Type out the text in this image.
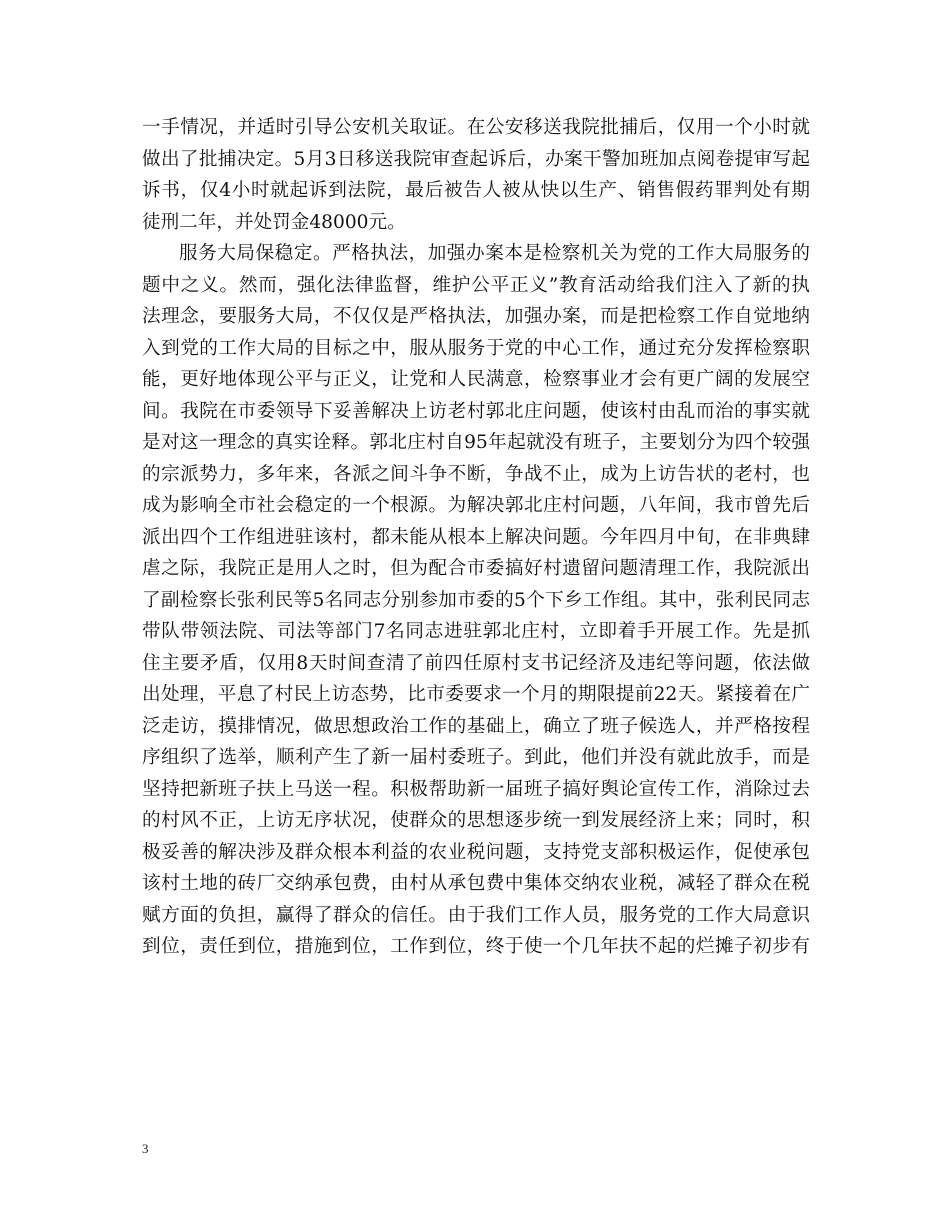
一手情况，并适时引导公安机关取证。在公安移送我院批捕后，仅用一个小时就
做出了批捕决定。5月3日移送我院审查起诉后，办案干警加班加点阅卷提审写起
诉书，仅4小时就起诉到法院，最后被告人被从快以生产、销售假药罪判处有期
徒刑二年，并处罚金48000元。
服务大局保稳定。严格执法，加强办案本是检察机关为党的工作大局服务的
题中之义。然而，强化法律监督，维护公平正义”教育活动给我们注入了新的执
法理念，要服务大局，不仅仅是严格执法，加强办案，而是把检察工作自觉地纳
入到党的工作大局的目标之中，服从服务于党的中心工作，通过充分发挥检察职
能，更好地体现公平与正义，让党和人民满意，检察事业才会有更广阔的发展空
间。我院在市委领导下妥善解决上访老村郭北庄问题，使该村由乱而治的事实就
是对这一理念的真实诠释。郭北庄村自95年起就没有班子，主要划分为四个较强
的宗派势力，多年来，各派之间斗争不断，争战不止，成为上访告状的老村，也
成为影响全市社会稳定的一个根源。为解决郭北庄村问题，八年间，我市曾先后
派出四个工作组进驻该村，都未能从根本上解决问题。今年四月中旬，在非典肆
虐之际，我院正是用人之时，但为配合市委搞好村遗留问题清理工作，我院派出
了副检察长张利民等5名同志分别参加市委的5个下乡工作组。其中，张利民同志
带队带领法院、司法等部门7名同志进驻郭北庄村，立即着手开展工作。先是抓
住主要矛盾，仅用8天时间查清了前四任原村支书记经济及违纪等问题，依法做
出处理，平息了村民上访态势，比市委要求一个月的期限提前22天。紧接着在广
泛走访，摸排情况，做思想政治工作的基础上，确立了班子候选人，并严格按程
序组织了选举，顺利产生了新一届村委班子。到此，他们并没有就此放手，而是
坚持把新班子扶上马送一程。积极帮助新一届班子搞好舆论宣传工作，消除过去
的村风不正，上访无序状况，使群众的思想逐步统一到发展经济上来；同时，积
极妥善的解决涉及群众根本利益的农业税问题，支持党支部积极运作，促使承包
该村土地的砖厂交纳承包费，由村从承包费中集体交纳农业税，减轻了群众在税
赋方面的负担，赢得了群众的信任。由于我们工作人员，服务党的工作大局意识
到位，责任到位，措施到位，工作到位，终于使一个几年扶不起的烂摊子初步有
3
